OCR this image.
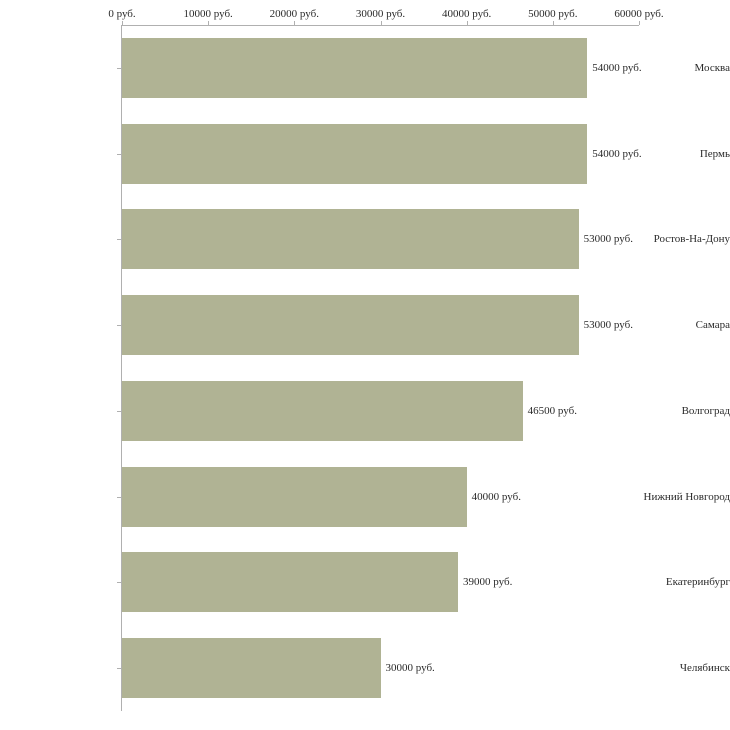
0 руб.	10000 руб.	20000 руб.	30000 руб.	40000 руб.	50000 руб.	60000 руб.
Москва
54000 руб.
Пермь
54000 руб.
Ростов-На-Дону
53000 руб.
Самара
53000 руб.
Волгоград
46500 руб.
Нижний Новгород
40000 руб.
Екатеринбург
39000 руб.
Челябинск
30000 руб.
